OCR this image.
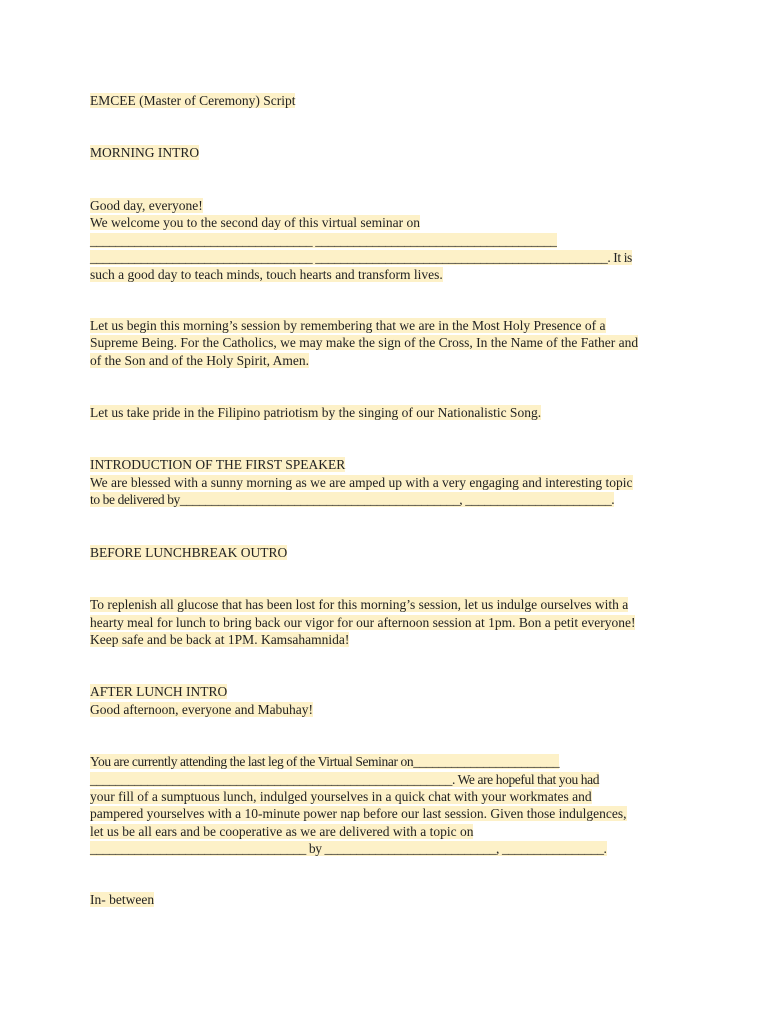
EMCEE (Master of Ceremony) Script

MORNING INTRO

Good day, everyone!
We welcome you to the second day of this virtual seminar on
___________________________________ ______________________________________
___________________________________ ______________________________________________. It is
such a good day to teach minds, touch hearts and transform lives.
Let us begin this morning’s session by remembering that we are in the Most Holy Presence of a
Supreme Being. For the Catholics, we may make the sign of the Cross, In the Name of the Father and
of the Son and of the Holy Spirit, Amen.
Let us take pride in the Filipino patriotism by the singing of our Nationalistic Song.

INTRODUCTION OF THE FIRST SPEAKER

We are blessed with a sunny morning as we are amped up with a very engaging and interesting topic
to be delivered by____________________________________________, _______________________.

BEFORE LUNCHBREAK OUTRO

To replenish all glucose that has been lost for this morning’s session, let us indulge ourselves with a
hearty meal for lunch to bring back our vigor for our afternoon session at 1pm. Bon a petit everyone!
Keep safe and be back at 1PM. Kamsahamnida!

AFTER LUNCH INTRO

Good afternoon, everyone and Mabuhay!
You are currently attending the last leg of the Virtual Seminar on_______________________
_________________________________________________________. We are hopeful that you had
your fill of a sumptuous lunch, indulged yourselves in a quick chat with your workmates and
pampered yourselves with a 10-minute power nap before our last session. Given those indulgences,
let us be all ears and be cooperative as we are delivered with a topic on
__________________________________ by ___________________________, ________________.

In- between
